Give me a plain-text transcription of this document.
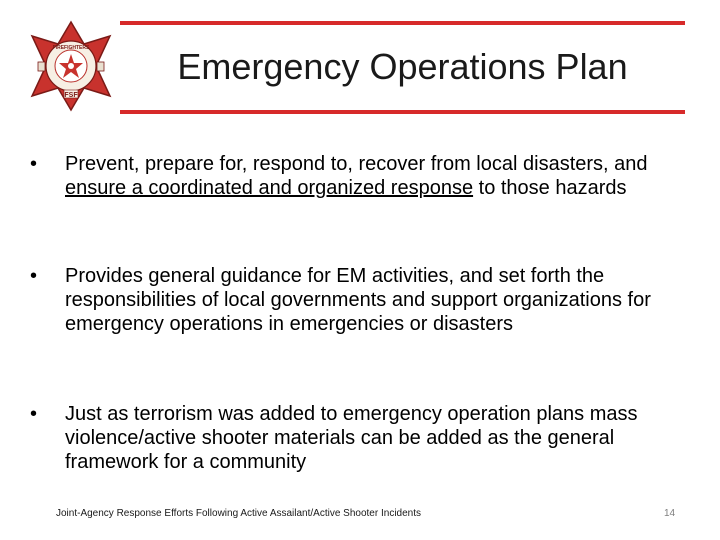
FIREFIGHTERS
FSF
Emergency Operations Plan
• Prevent, prepare for, respond to, recover from local disasters, and ensure a coordinated and organized response to those hazards
• Provides general guidance for EM activities, and set forth the responsibilities of local governments and support organizations for emergency operations in emergencies or disasters
• Just as terrorism was added to emergency operation plans mass violence/active shooter materials can be added as the general framework for a community
Joint-Agency Response Efforts Following Active Assailant/Active Shooter Incidents	14
